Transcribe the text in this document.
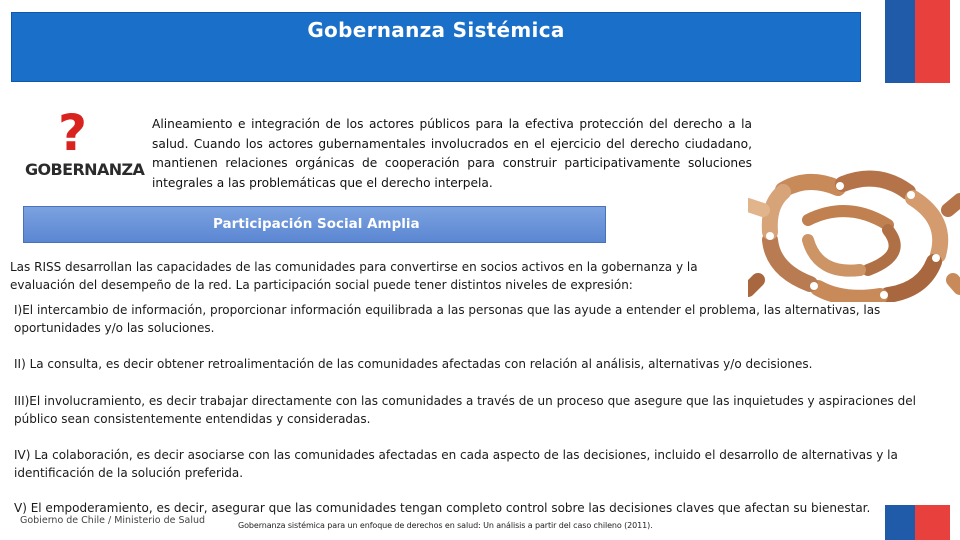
Gobernanza Sistémica
?
GOBERNANZA
Alineamiento e integración de los actores públicos para la efectiva protección del derecho a la salud. Cuando los actores gubernamentales involucrados en el ejercicio del derecho ciudadano, mantienen relaciones orgánicas de cooperación para construir participativamente soluciones integrales a las problemáticas que el derecho interpela.
Participación Social Amplia
Las RISS desarrollan las capacidades de las comunidades para convertirse en socios activos en la gobernanza y la evaluación del desempeño de la red. La participación social puede tener distintos niveles de expresión:
I)El intercambio de información, proporcionar información equilibrada a las personas que las ayude a entender el problema, las alternativas, las oportunidades y/o las soluciones.
II) La consulta, es decir obtener retroalimentación de las comunidades afectadas con relación al análisis, alternativas y/o decisiones.
III)El involucramiento, es decir trabajar directamente con las comunidades a través de un proceso que asegure que las inquietudes y aspiraciones del público sean consistentemente entendidas y consideradas.
IV) La colaboración, es decir asociarse con las comunidades afectadas en cada aspecto de las decisiones, incluido el desarrollo de alternativas y la identificación de la solución preferida.
V) El empoderamiento, es decir, asegurar que las comunidades tengan completo control sobre las decisiones claves que afectan su bienestar.
Gobierno de Chile / Ministerio de Salud	Gobernanza sistémica para un enfoque de derechos en salud: Un análisis a partir del caso chileno (2011).
